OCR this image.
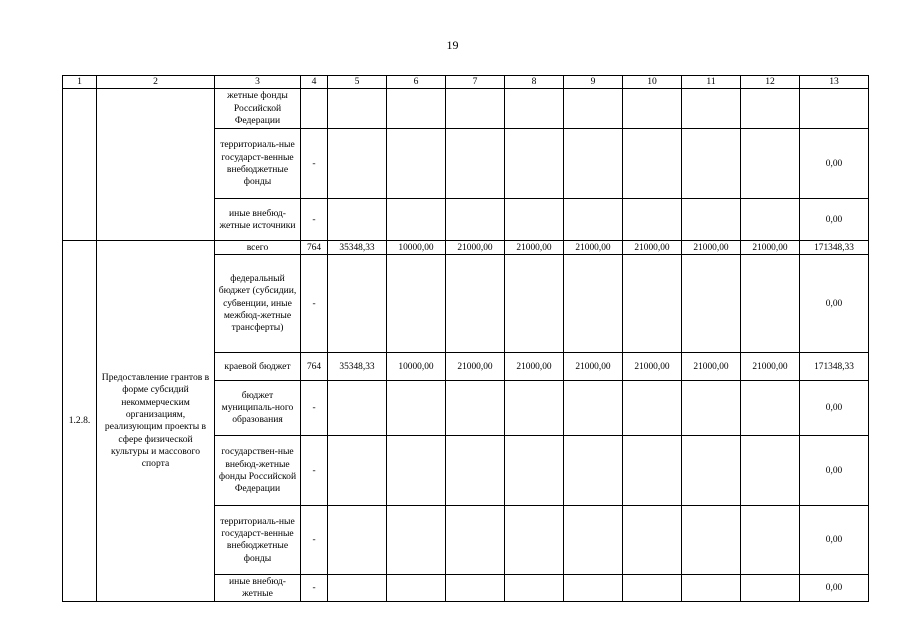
19
1	2	3	4	5	6	7	8	9	10	11	12	13
		жетные фонды Российской Федерации										
		территориаль-ные государст-венные внебюджетные фонды	-									0,00
		иные внебюд-жетные источники	-									0,00
1.2.8.	Предоставление грантов в форме субсидий некоммерческим организациям, реализующим проекты в сфере физической культуры и массового спорта	всего	764	35348,33	10000,00	21000,00	21000,00	21000,00	21000,00	21000,00	21000,00	171348,33
		федеральный бюджет (субсидии, субвенции, иные межбюд-жетные трансферты)	-									0,00
		краевой бюджет	764	35348,33	10000,00	21000,00	21000,00	21000,00	21000,00	21000,00	21000,00	171348,33
		бюджет муниципаль-ного образования	-									0,00
		государствен-ные внебюд-жетные фонды Российской Федерации	-									0,00
		территориаль-ные государст-венные внебюджетные фонды	-									0,00
		иные внебюд-жетные	-									0,00
